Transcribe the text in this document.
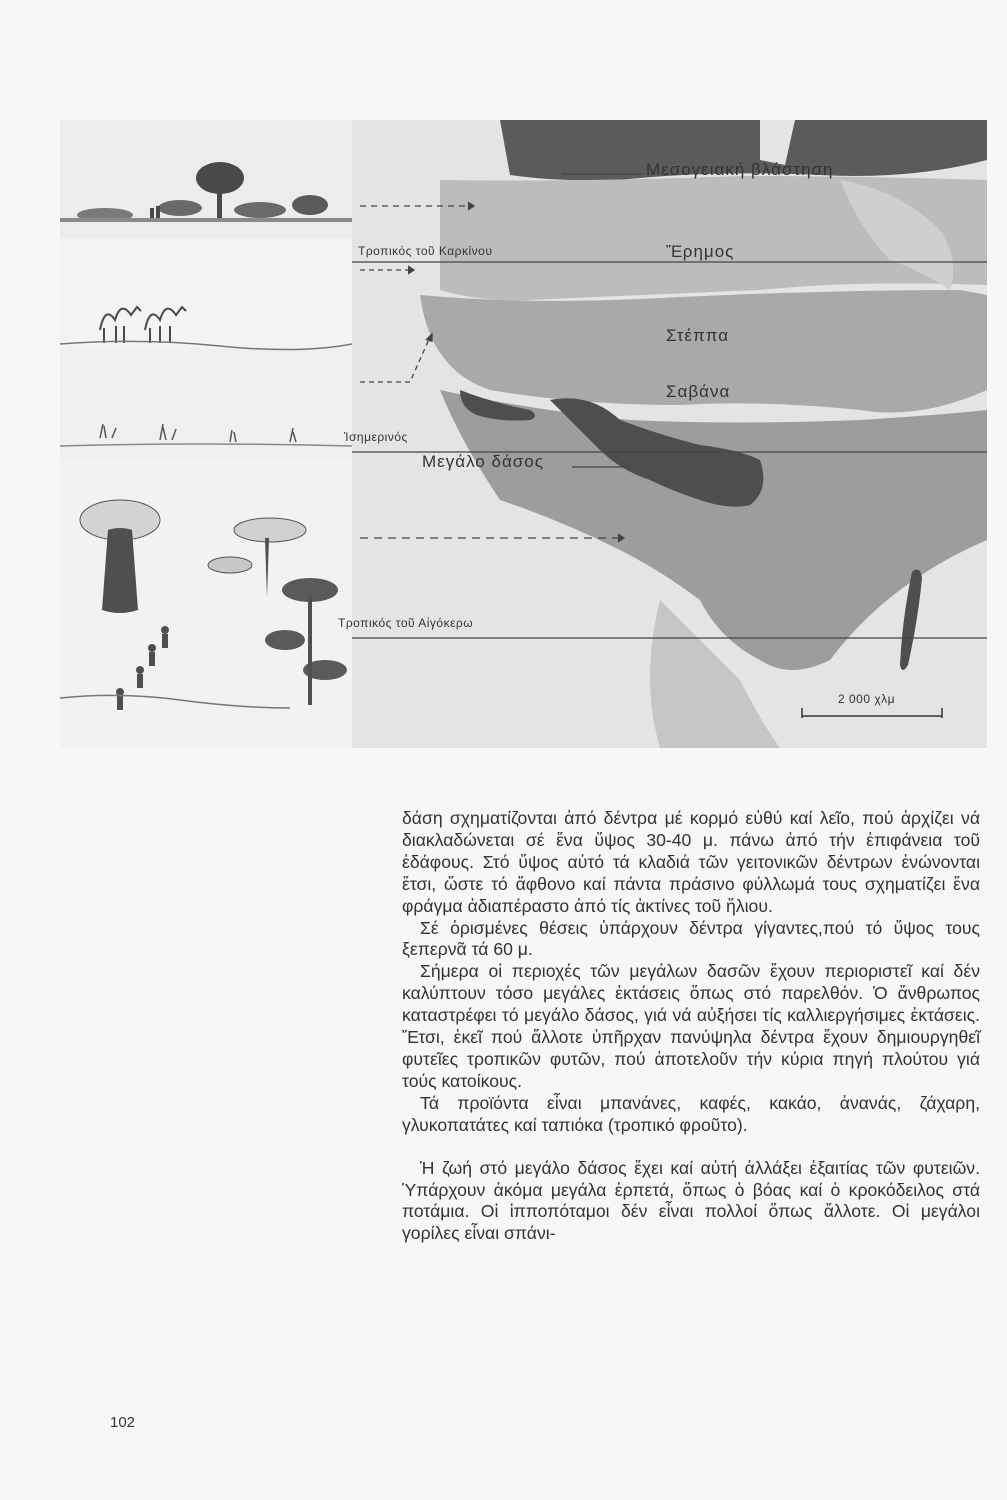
Μεσογειακή βλάστηση
Τροπικός τοῦ Καρκίνου	Ἔρημος
Στέππα
Σαβάνα
Ἰσημερινός
Μεγάλο δάσος
Τροπικός τοῦ Αἰγόκερω
2 000 χλμ

δάση σχηματίζονται ἀπό δέντρα μέ κορμό εὐθύ καί λεῖο, πού ἀρχίζει νά διακλαδώνεται σέ ἕνα ὕψος 30-40 μ. πάνω ἀπό τήν ἐπιφάνεια τοῦ ἐδάφους. Στό ὕψος αὐτό τά κλαδιά τῶν γειτονικῶν δέντρων ἑνώνονται ἔτσι, ὥστε τό ἄφθονο καί πάντα πράσινο φύλλωμά τους σχηματίζει ἕνα φράγμα ἀδιαπέραστο ἀπό τίς ἀκτίνες τοῦ ἥλιου.

Σέ ὁρισμένες θέσεις ὑπάρχουν δέντρα γίγαντες,πού τό ὕψος τους ξεπερνᾶ τά 60 μ.

Σήμερα οἱ περιοχές τῶν μεγάλων δασῶν ἔχουν περιοριστεῖ καί δέν καλύπτουν τόσο μεγάλες ἐκτάσεις ὅπως στό παρελθόν. Ὁ ἄνθρωπος καταστρέφει τό μεγάλο δάσος, γιά νά αὐξήσει τίς καλλιεργήσιμες ἐκτάσεις. Ἔτσι, ἐκεῖ πού ἄλλοτε ὑπῆρχαν πανύψηλα δέντρα ἔχουν δημιουργηθεῖ φυτεῖες τροπικῶν φυτῶν, πού ἀποτελοῦν τήν κύρια πηγή πλούτου γιά τούς κατοίκους.

Τά προϊόντα εἶναι μπανάνες, καφές, κακάο, ἀνανάς, ζάχαρη, γλυκοπατάτες καί ταπιόκα (τροπικό φροῦτο).

Ἡ ζωή στό μεγάλο δάσος ἔχει καί αὐτή ἀλλάξει ἐξαιτίας τῶν φυτειῶν. Ὑπάρχουν ἀκόμα μεγάλα ἑρπετά, ὅπως ὁ βόας καί ὁ κροκόδειλος στά ποτάμια. Οἱ ἱπποπόταμοι δέν εἶναι πολλοί ὅπως ἄλλοτε. Οἱ μεγάλοι γορίλες εἶναι σπάνι-

102
